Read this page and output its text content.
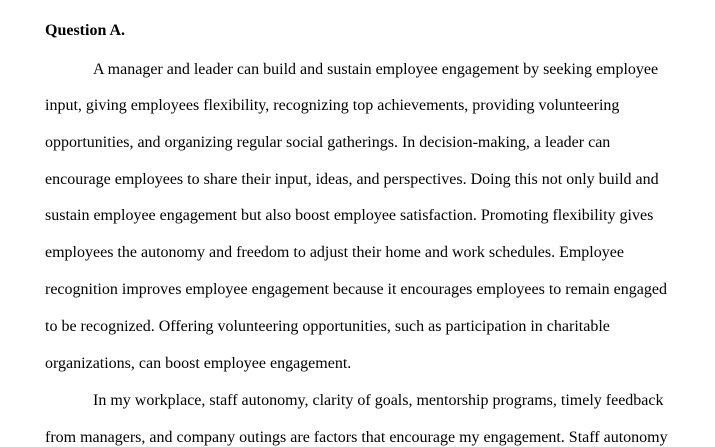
Question A.
A manager and leader can build and sustain employee engagement by seeking employee
input, giving employees flexibility, recognizing top achievements, providing volunteering
opportunities, and organizing regular social gatherings. In decision-making, a leader can
encourage employees to share their input, ideas, and perspectives. Doing this not only build and
sustain employee engagement but also boost employee satisfaction. Promoting flexibility gives
employees the autonomy and freedom to adjust their home and work schedules. Employee
recognition improves employee engagement because it encourages employees to remain engaged
to be recognized. Offering volunteering opportunities, such as participation in charitable
organizations, can boost employee engagement.
In my workplace, staff autonomy, clarity of goals, mentorship programs, timely feedback
from managers, and company outings are factors that encourage my engagement. Staff autonomy
